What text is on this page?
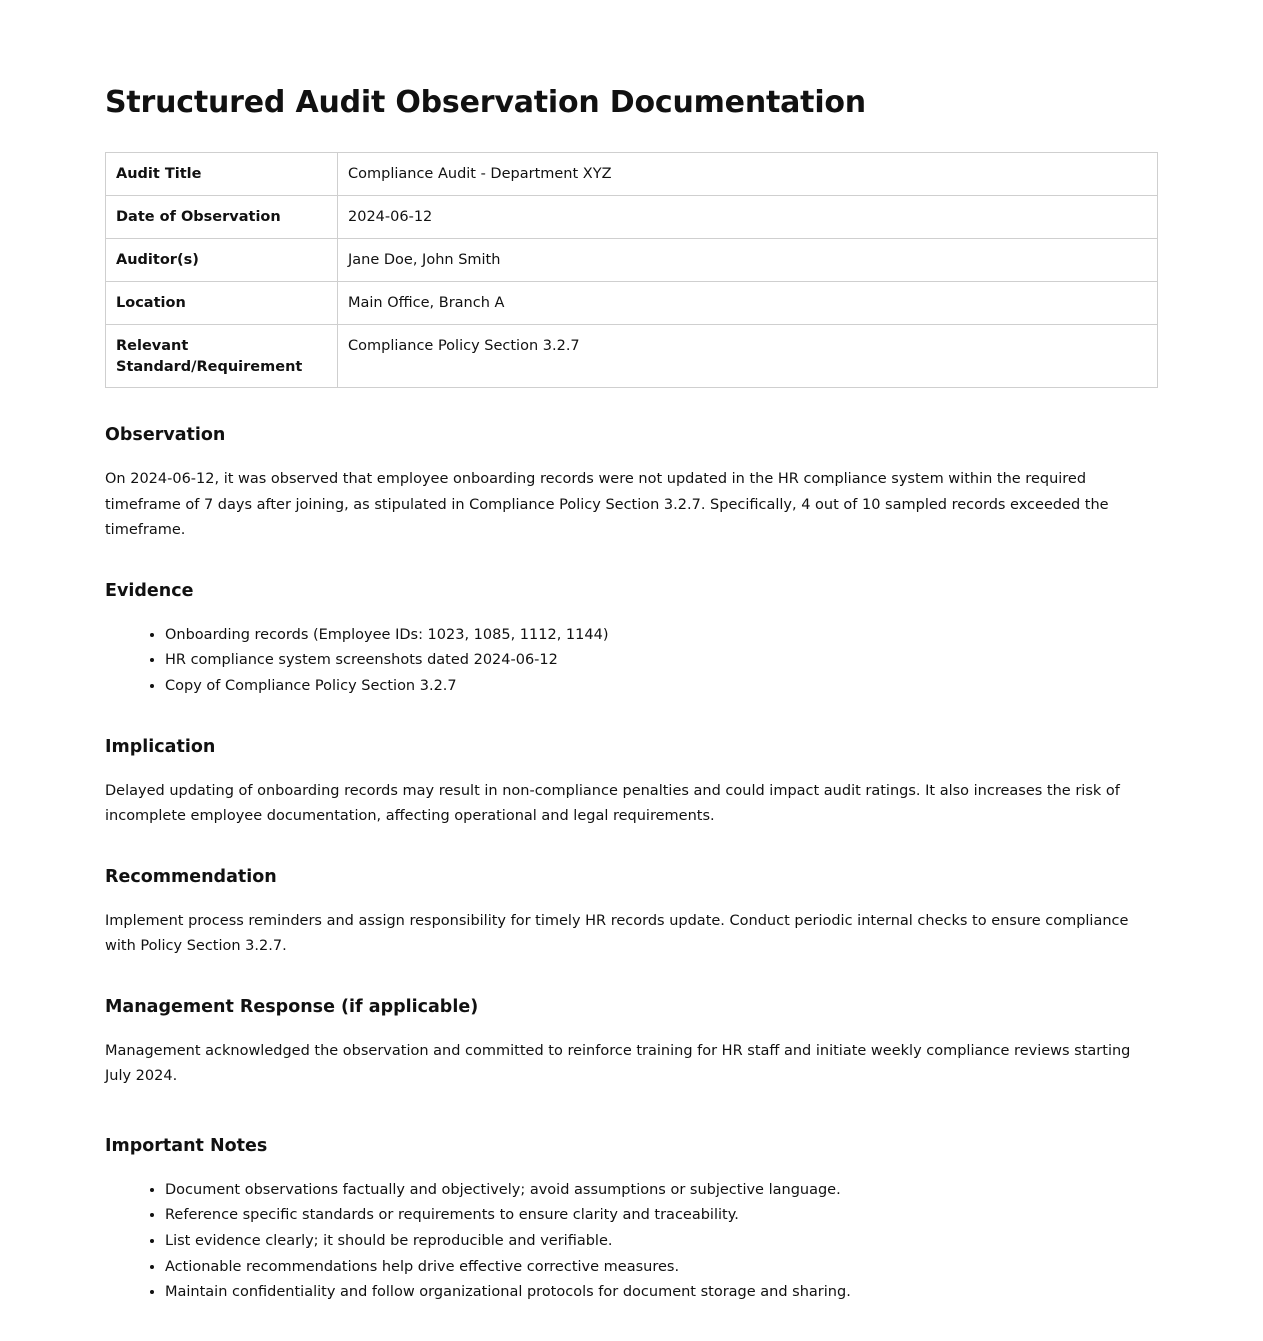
Structured Audit Observation Documentation
Audit Title	Compliance Audit - Department XYZ
Date of Observation	2024-06-12
Auditor(s)	Jane Doe, John Smith
Location	Main Office, Branch A
Relevant Standard/Requirement	Compliance Policy Section 3.2.7
Observation

On 2024-06-12, it was observed that employee onboarding records were not updated in the HR compliance system within the required timeframe of 7 days after joining, as stipulated in Compliance Policy Section 3.2.7. Specifically, 4 out of 10 sampled records exceeded the timeframe.

Evidence
• Onboarding records (Employee IDs: 1023, 1085, 1112, 1144)
• HR compliance system screenshots dated 2024-06-12
• Copy of Compliance Policy Section 3.2.7
Implication

Delayed updating of onboarding records may result in non-compliance penalties and could impact audit ratings. It also increases the risk of incomplete employee documentation, affecting operational and legal requirements.

Recommendation

Implement process reminders and assign responsibility for timely HR records update. Conduct periodic internal checks to ensure compliance with Policy Section 3.2.7.

Management Response (if applicable)

Management acknowledged the observation and committed to reinforce training for HR staff and initiate weekly compliance reviews starting July 2024.

Important Notes
• Document observations factually and objectively; avoid assumptions or subjective language.
• Reference specific standards or requirements to ensure clarity and traceability.
• List evidence clearly; it should be reproducible and verifiable.
• Actionable recommendations help drive effective corrective measures.
• Maintain confidentiality and follow organizational protocols for document storage and sharing.
